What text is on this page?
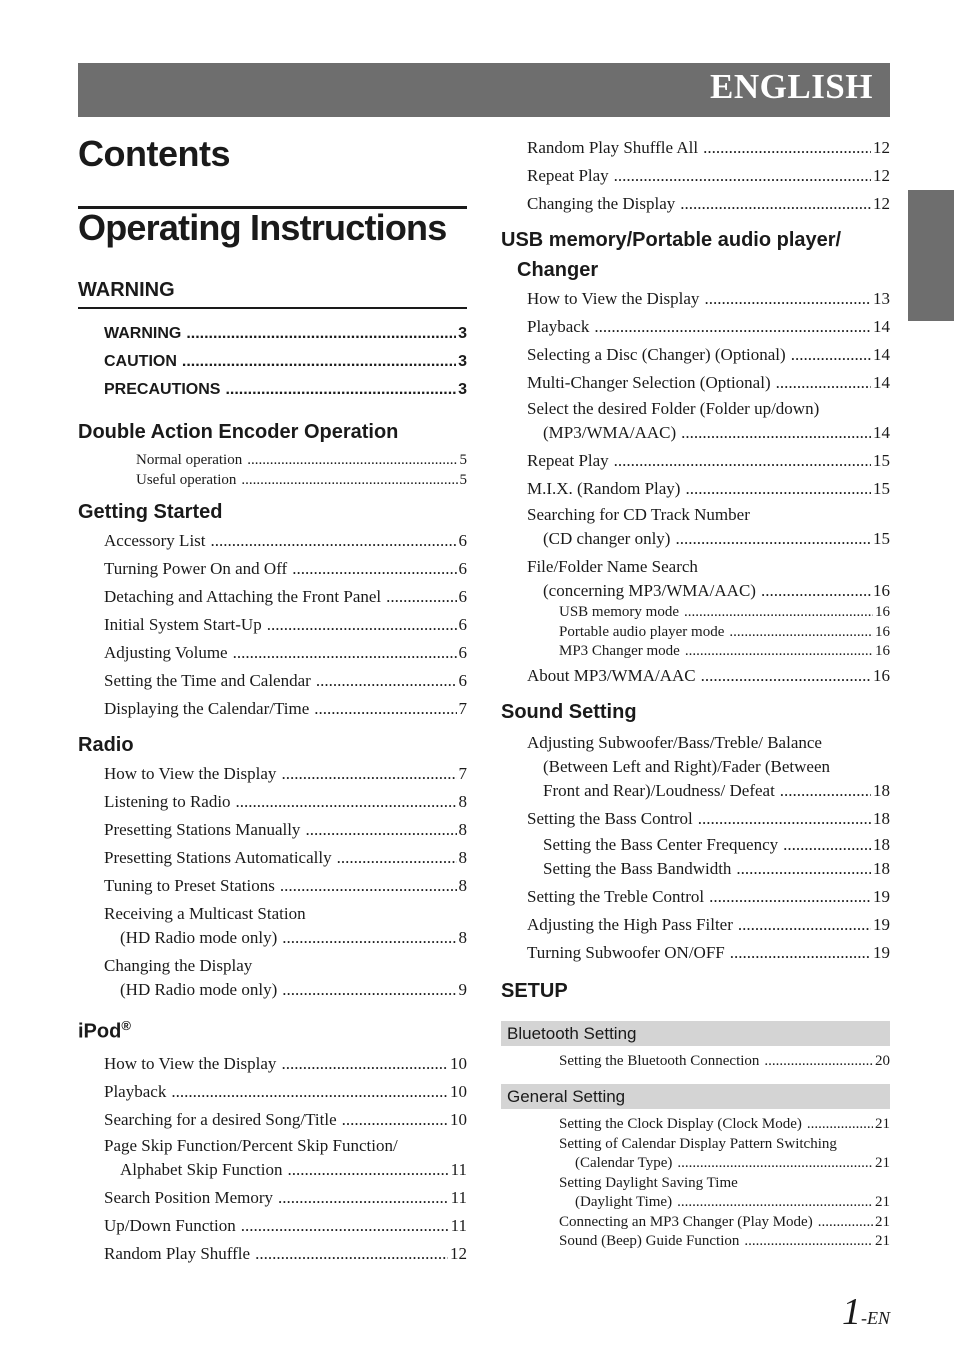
ENGLISH
Contents
Operating Instructions
WARNING
WARNING .....	3
CAUTION .....	3
PRECAUTIONS .....	3
Double Action Encoder Operation
Normal operation .....	5
Useful operation .....	5
Getting Started
Accessory List .....	6
Turning Power On and Off .....	6
Detaching and Attaching the Front Panel .....	6
Initial System Start-Up .....	6
Adjusting Volume .....	6
Setting the Time and Calendar .....	6
Displaying the Calendar/Time .....	7
Radio
How to View the Display .....	7
Listening to Radio .....	8
Presetting Stations Manually .....	8
Presetting Stations Automatically .....	8
Tuning to Preset Stations .....	8
Receiving a Multicast Station
(HD Radio mode only) .....	8
Changing the Display
(HD Radio mode only) .....	9
iPod®
How to View the Display .....	10
Playback .....	10
Searching for a desired Song/Title .....	10
Page Skip Function/Percent Skip Function/
Alphabet Skip Function .....	11
Search Position Memory .....	11
Up/Down Function .....	11
Random Play Shuffle .....	12
Random Play Shuffle All .....	12
Repeat Play .....	12
Changing the Display .....	12
USB memory/Portable audio player/
Changer
How to View the Display .....	13
Playback .....	14
Selecting a Disc (Changer) (Optional) .....	14
Multi-Changer Selection (Optional) .....	14
Select the desired Folder (Folder up/down)
(MP3/WMA/AAC) .....	14
Repeat Play .....	15
M.I.X. (Random Play) .....	15
Searching for CD Track Number
(CD changer only) .....	15
File/Folder Name Search
(concerning MP3/WMA/AAC) .....	16
USB memory mode .....	16
Portable audio player mode .....	16
MP3 Changer mode .....	16
About MP3/WMA/AAC .....	16
Sound Setting
Adjusting Subwoofer/Bass/Treble/ Balance
(Between Left and Right)/Fader (Between
Front and Rear)/Loudness/ Defeat .....	18
Setting the Bass Control .....	18
Setting the Bass Center Frequency .....	18
Setting the Bass Bandwidth .....	18
Setting the Treble Control .....	19
Adjusting the High Pass Filter .....	19
Turning Subwoofer ON/OFF .....	19
SETUP
Bluetooth Setting
Setting the Bluetooth Connection .....	20
General Setting
Setting the Clock Display (Clock Mode) .....	21
Setting of Calendar Display Pattern Switching
(Calendar Type) .....	21
Setting Daylight Saving Time
(Daylight Time) .....	21
Connecting an MP3 Changer (Play Mode) .....	21
Sound (Beep) Guide Function .....	21
1-EN
